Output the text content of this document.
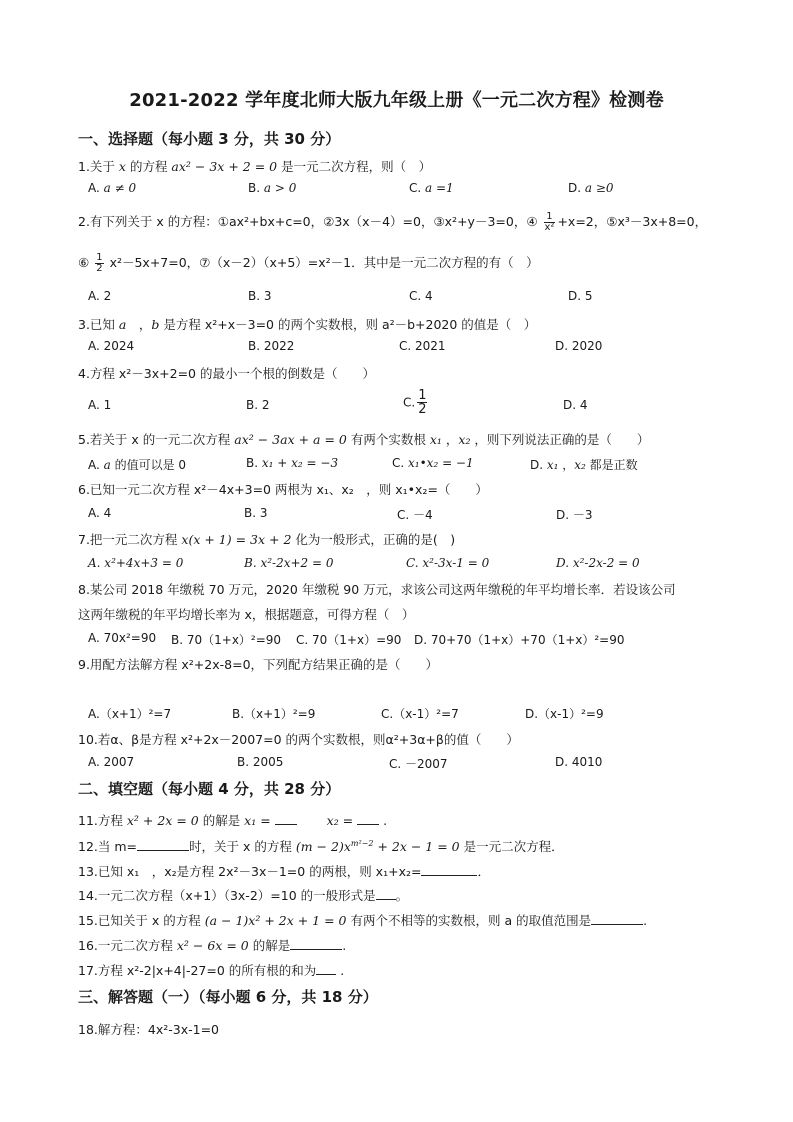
2021-2022 学年度北师大版九年级上册《一元二次方程》检测卷
一、选择题（每小题 3 分，共 30 分）
1.关于 x 的方程 ax² − 3x + 2 = 0 是一元二次方程，则（　）
A. a ≠ 0	B. a > 0	C. a =1	D. a ≥0
2.有下列关于 x 的方程：①ax²+bx+c=0，②3x（x－4）=0，③x²+y－3=0，④ $\frac{1}{\text{x²}} +x=2$，⑤x³－3x+8=0，
⑥ $\frac{1}{2} x^2-5x+7=0$，⑦（x－2）（x+5）=x²－1．其中是一元二次方程的有（　）
A. 2	B. 3	C. 4	D. 5
3.已知 a　，b 是方程 x²+x－3=0 的两个实数根，则 a²－b+2020 的值是（　）
A. 2024	B. 2022	C. 2021	D. 2020
4.方程 x²－3x+2=0 的最小一个根的倒数是（　　）
A. 1	B. 2	C. $\frac{1}{2}$	D. 4
5.若关于 x 的一元二次方程 ax² − 3ax + a = 0 有两个实数根 x₁ ，x₂ ，则下列说法正确的是（　　）
A. a 的值可以是 0	B. x₁ + x₂ = −3	C. x₁•x₂ = −1	D. x₁ ，x₂ 都是正数
6.已知一元二次方程 x²－4x+3=0 两根为 x₁、x₂　，则 x₁•x₂=（　　）
A. 4	B. 3	C. －4	D. －3
7.把一元二次方程 x(x + 1) = 3x + 2 化为一般形式，正确的是(　)
A. x²+4x+3 = 0	B. x²-2x+2 = 0	C. x²-3x-1 = 0	D. x²-2x-2 = 0
8.某公司 2018 年缴税 70 万元，2020 年缴税 90 万元，求该公司这两年缴税的年平均增长率．若设该公司
这两年缴税的年平均增长率为 x，根据题意，可得方程（　）
A. 70x²=90 B. 70（1+x）²=90 C. 70（1+x）=90 D. 70+70（1+x）+70（1+x）²=90
9.用配方法解方程 x²+2x-8=0，下列配方结果正确的是（　　）
A.（x+1）²=7	B.（x+1）²=9	C.（x-1）²=7	D.（x-1）²=9
10.若α、β是方程 x²+2x－2007=0 的两个实数根，则α²+3α+β的值（　　）
A. 2007	B. 2005	C. －2007	D. 4010
二、填空题（每小题 4 分，共 28 分）
11.方程 x² + 2x = 0 的解是 x₁ =	x₂ =  .
12.当 m=	时，关于 x 的方程 $(m - 2)x^{m^2-2} + 2x - 1 = 0$ 是一元二次方程．
13.已知 x₁　，x₂是方程 2x²－3x－1=0 的两根，则 x₁+x₂=	．
14.一元二次方程（x+1）（3x-2）=10 的一般形式是 。
15.已知关于 x 的方程 (a − 1)x² + 2x + 1 = 0 有两个不相等的实数根，则 a 的取值范围是	.
16.一元二次方程 x² − 6x = 0 的解是	.
17.方程 x²-2|x+4|-27=0 的所有根的和为 .
三、解答题（一）（每小题 6 分，共 18 分）
18.解方程：4x²-3x-1=0
